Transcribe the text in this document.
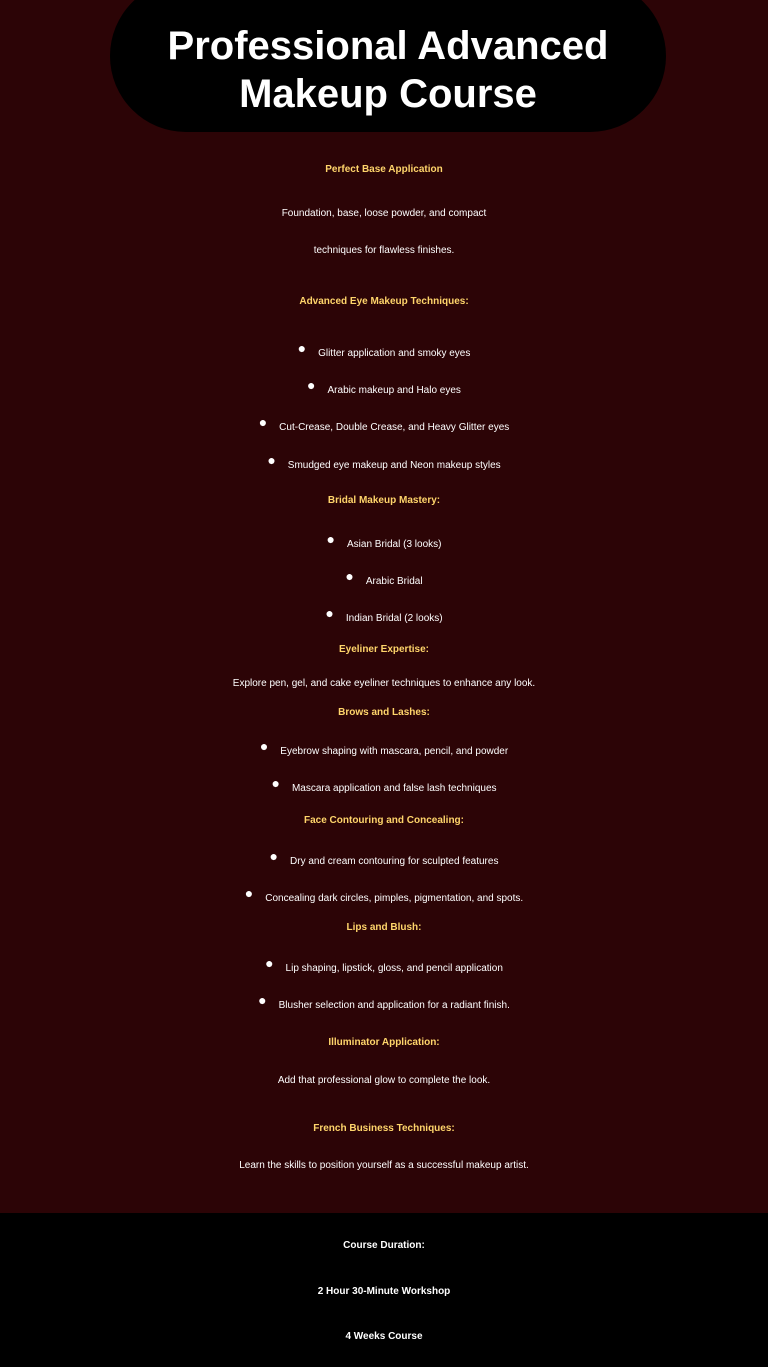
Professional Advanced Makeup Course
Perfect Base Application
Foundation, base, loose powder, and compact
techniques for flawless finishes.
Advanced Eye Makeup Techniques:
● Glitter application and smoky eyes
● Arabic makeup and Halo eyes
● Cut-Crease, Double Crease, and Heavy Glitter eyes
● Smudged eye makeup and Neon makeup styles
Bridal Makeup Mastery:
● Asian Bridal (3 looks)
● Arabic Bridal
● Indian Bridal (2 looks)
Eyeliner Expertise:
Explore pen, gel, and cake eyeliner techniques to enhance any look.
Brows and Lashes:
● Eyebrow shaping with mascara, pencil, and powder
● Mascara application and false lash techniques
Face Contouring and Concealing:
● Dry and cream contouring for sculpted features
● Concealing dark circles, pimples, pigmentation, and spots.
Lips and Blush:
● Lip shaping, lipstick, gloss, and pencil application
● Blusher selection and application for a radiant finish.
Illuminator Application:
Add that professional glow to complete the look.
French Business Techniques:
Learn the skills to position yourself as a successful makeup artist.
Course Duration:
2 Hour 30-Minute Workshop
4 Weeks Course
